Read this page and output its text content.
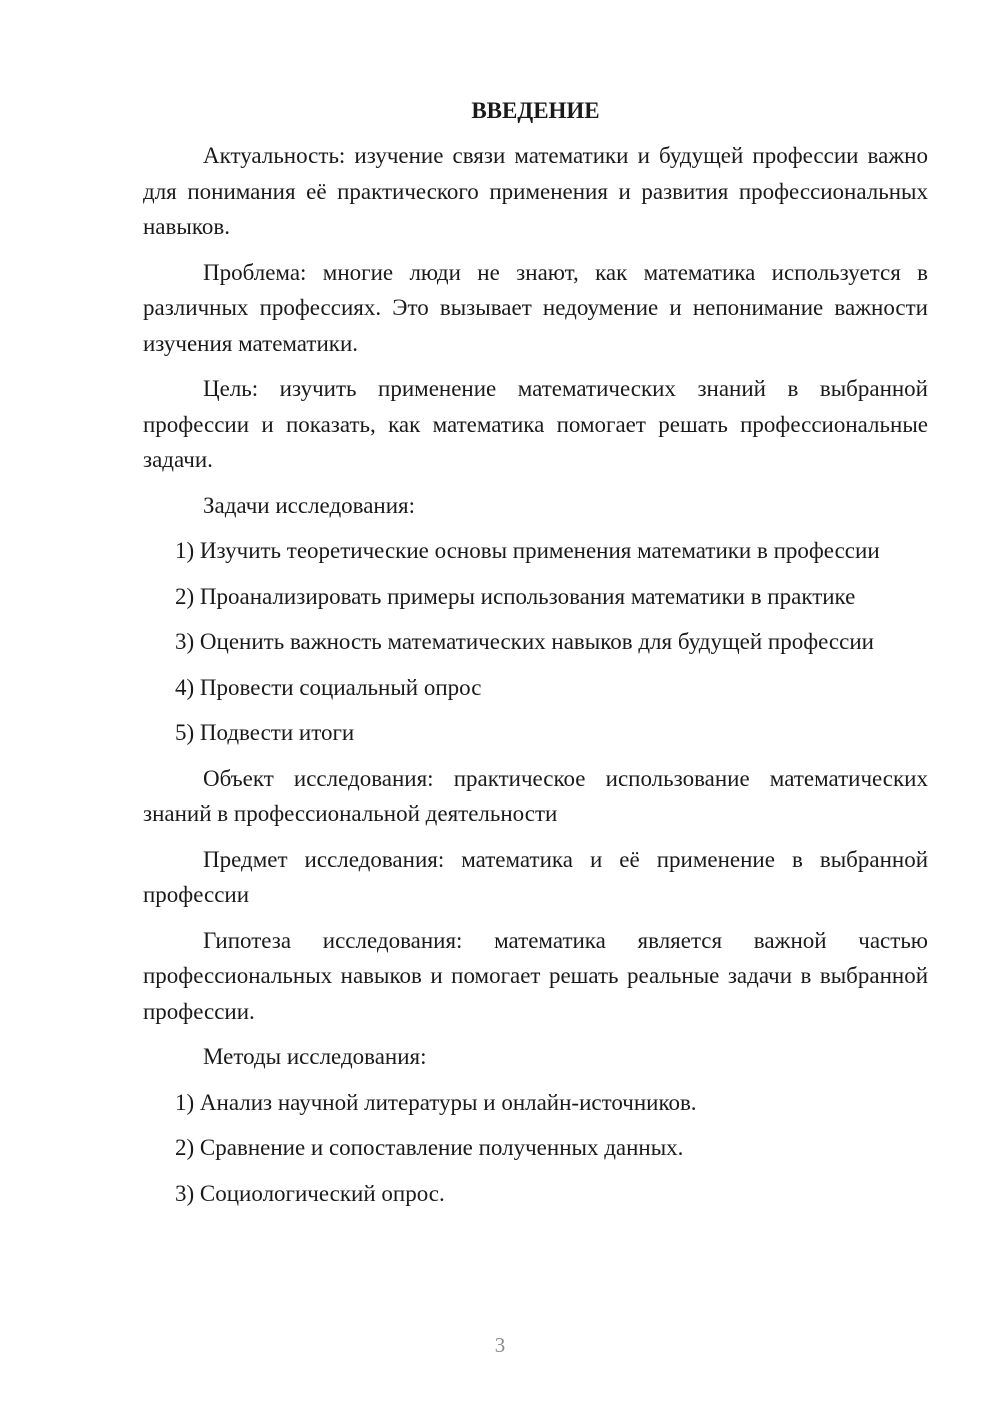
ВВЕДЕНИЕ

Актуальность: изучение связи математики и будущей профессии важно для понимания её практического применения и развития профессиональных навыков.

Проблема: многие люди не знают, как математика используется в различных профессиях. Это вызывает недоумение и непонимание важности изучения математики.

Цель: изучить применение математических знаний в выбранной профессии и показать, как математика помогает решать профессиональные задачи.

Задачи исследования:

1) Изучить теоретические основы применения математики в профессии

2) Проанализировать примеры использования математики в практике

3) Оценить важность математических навыков для будущей профессии

4) Провести социальный опрос

5) Подвести итоги

Объект исследования: практическое использование математических знаний в профессиональной деятельности

Предмет исследования: математика и её применение в выбранной профессии

Гипотеза исследования: математика является важной частью профессиональных навыков и помогает решать реальные задачи в выбранной профессии.

Методы исследования:

1) Анализ научной литературы и онлайн-источников.

2) Сравнение и сопоставление полученных данных.

3) Социологический опрос.

3
